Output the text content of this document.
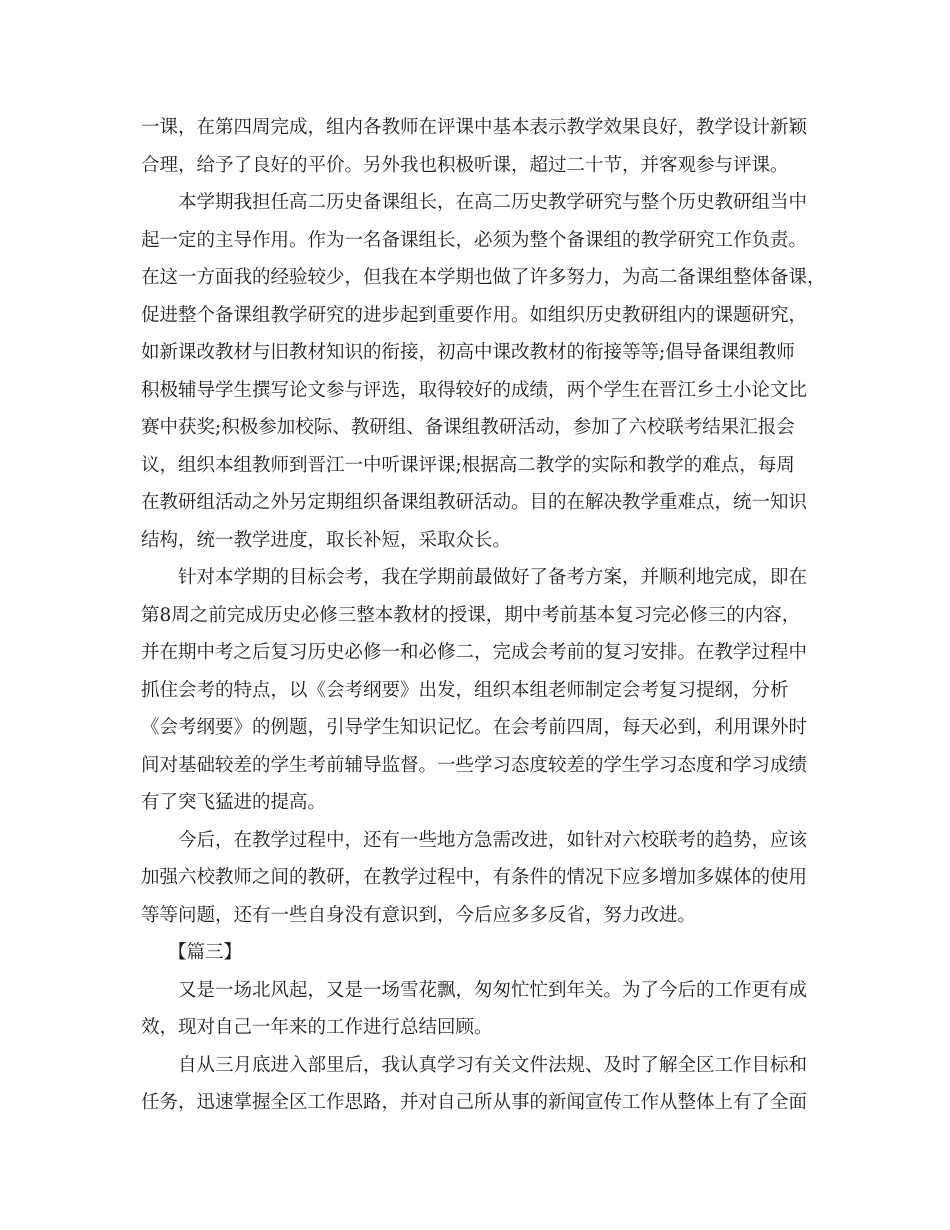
一课，在第四周完成，组内各教师在评课中基本表示教学效果良好，教学设计新颖

合理，给予了良好的平价。另外我也积极听课，超过二十节，并客观参与评课。

本学期我担任高二历史备课组长，在高二历史教学研究与整个历史教研组当中

起一定的主导作用。作为一名备课组长，必须为整个备课组的教学研究工作负责。

在这一方面我的经验较少，但我在本学期也做了许多努力，为高二备课组整体备课，

促进整个备课组教学研究的进步起到重要作用。如组织历史教研组内的课题研究，

如新课改教材与旧教材知识的衔接，初高中课改教材的衔接等等;倡导备课组教师

积极辅导学生撰写论文参与评选，取得较好的成绩，两个学生在晋江乡土小论文比

赛中获奖;积极参加校际、教研组、备课组教研活动，参加了六校联考结果汇报会

议，组织本组教师到晋江一中听课评课;根据高二教学的实际和教学的难点，每周

在教研组活动之外另定期组织备课组教研活动。目的在解决教学重难点，统一知识

结构，统一教学进度，取长补短，采取众长。

针对本学期的目标会考，我在学期前最做好了备考方案，并顺利地完成，即在

第8周之前完成历史必修三整本教材的授课，期中考前基本复习完必修三的内容，

并在期中考之后复习历史必修一和必修二，完成会考前的复习安排。在教学过程中

抓住会考的特点，以《会考纲要》出发，组织本组老师制定会考复习提纲，分析

《会考纲要》的例题，引导学生知识记忆。在会考前四周，每天必到，利用课外时

间对基础较差的学生考前辅导监督。一些学习态度较差的学生学习态度和学习成绩

有了突飞猛进的提高。

今后，在教学过程中，还有一些地方急需改进，如针对六校联考的趋势，应该

加强六校教师之间的教研，在教学过程中，有条件的情况下应多增加多媒体的使用

等等问题，还有一些自身没有意识到，今后应多多反省，努力改进。

【篇三】

又是一场北风起，又是一场雪花飘，匆匆忙忙到年关。为了今后的工作更有成

效，现对自己一年来的工作进行总结回顾。

自从三月底进入部里后，我认真学习有关文件法规、及时了解全区工作目标和

任务，迅速掌握全区工作思路，并对自己所从事的新闻宣传工作从整体上有了全面
